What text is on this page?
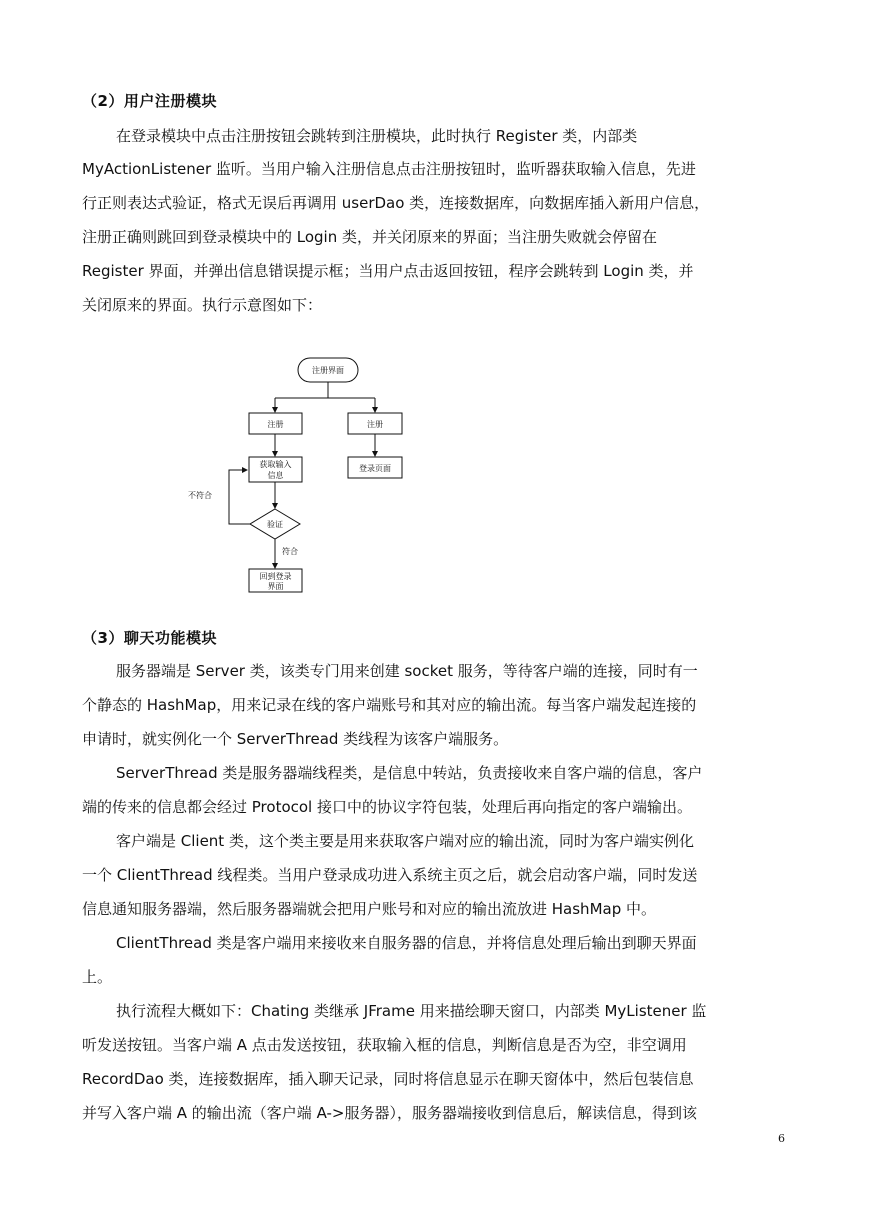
（2）用户注册模块
在登录模块中点击注册按钮会跳转到注册模块，此时执行 Register 类，内部类
MyActionListener 监听。当用户输入注册信息点击注册按钮时，监听器获取输入信息，先进
行正则表达式验证，格式无误后再调用 userDao 类，连接数据库，向数据库插入新用户信息，
注册正确则跳回到登录模块中的 Login 类，并关闭原来的界面；当注册失败就会停留在
Register 界面，并弹出信息错误提示框；当用户点击返回按钮，程序会跳转到 Login 类，并
关闭原来的界面。执行示意图如下：
注册界面
注册	注册
获取输入
信息
登录页面
验证
不符合
符合
回到登录
界面
（3）聊天功能模块
服务器端是 Server 类，该类专门用来创建 socket 服务，等待客户端的连接，同时有一
个静态的 HashMap，用来记录在线的客户端账号和其对应的输出流。每当客户端发起连接的
申请时，就实例化一个 ServerThread 类线程为该客户端服务。
ServerThread 类是服务器端线程类，是信息中转站，负责接收来自客户端的信息，客户
端的传来的信息都会经过 Protocol 接口中的协议字符包装，处理后再向指定的客户端输出。
客户端是 Client 类，这个类主要是用来获取客户端对应的输出流，同时为客户端实例化
一个 ClientThread 线程类。当用户登录成功进入系统主页之后，就会启动客户端，同时发送
信息通知服务器端，然后服务器端就会把用户账号和对应的输出流放进 HashMap 中。
ClientThread 类是客户端用来接收来自服务器的信息，并将信息处理后输出到聊天界面
上。
执行流程大概如下：Chating 类继承 JFrame 用来描绘聊天窗口，内部类 MyListener 监
听发送按钮。当客户端 A 点击发送按钮，获取输入框的信息，判断信息是否为空，非空调用
RecordDao 类，连接数据库，插入聊天记录，同时将信息显示在聊天窗体中，然后包装信息
并写入客户端 A 的输出流（客户端 A->服务器），服务器端接收到信息后，解读信息，得到该
6
